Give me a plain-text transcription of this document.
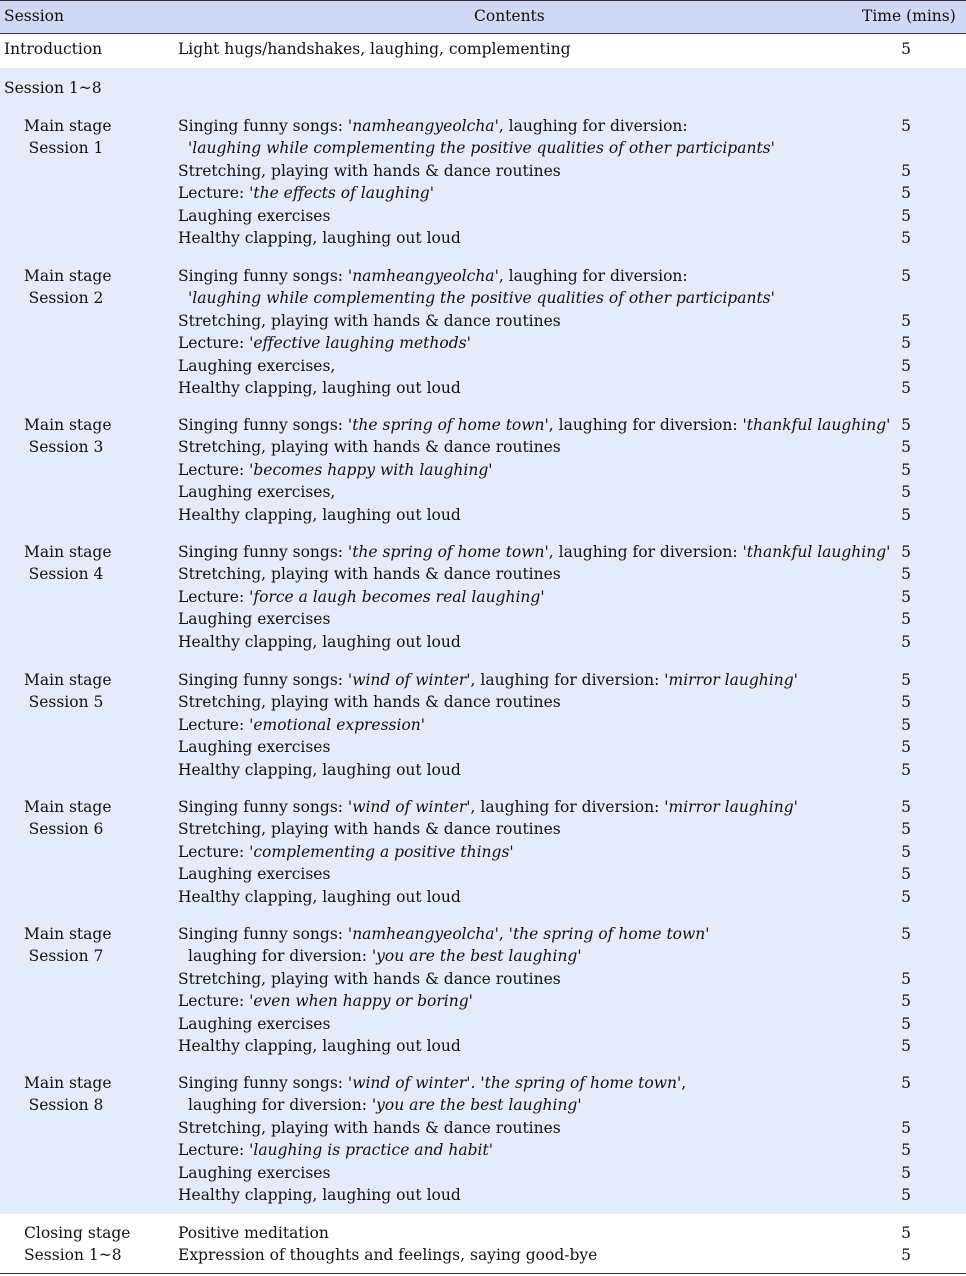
Session	Contents	Time (mins)
Introduction	Light hugs/handshakes, laughing, complementing	5
Session 1~8
Main stage	Singing funny songs: 'namheangyeolcha', laughing for diversion:	5
Session 1	'laughing while complementing the positive qualities of other participants'
Stretching, playing with hands & dance routines	5
Lecture: 'the effects of laughing'	5
Laughing exercises	5
Healthy clapping, laughing out loud	5
Main stage	Singing funny songs: 'namheangyeolcha', laughing for diversion:	5
Session 2	'laughing while complementing the positive qualities of other participants'
Stretching, playing with hands & dance routines	5
Lecture: 'effective laughing methods'	5
Laughing exercises,	5
Healthy clapping, laughing out loud	5
Main stage	Singing funny songs: 'the spring of home town', laughing for diversion: 'thankful laughing' 5
Session 3	Stretching, playing with hands & dance routines	5
Lecture: 'becomes happy with laughing'	5
Laughing exercises,	5
Healthy clapping, laughing out loud	5
Main stage	Singing funny songs: 'the spring of home town', laughing for diversion: 'thankful laughing' 5
Session 4	Stretching, playing with hands & dance routines	5
Lecture: 'force a laugh becomes real laughing'	5
Laughing exercises	5
Healthy clapping, laughing out loud	5
Main stage	Singing funny songs: 'wind of winter', laughing for diversion: 'mirror laughing'	5
Session 5	Stretching, playing with hands & dance routines	5
Lecture: 'emotional expression'	5
Laughing exercises	5
Healthy clapping, laughing out loud	5
Main stage	Singing funny songs: 'wind of winter', laughing for diversion: 'mirror laughing'	5
Session 6	Stretching, playing with hands & dance routines	5
Lecture: 'complementing a positive things'	5
Laughing exercises	5
Healthy clapping, laughing out loud	5
Main stage	Singing funny songs: 'namheangyeolcha', 'the spring of home town'	5
Session 7	laughing for diversion: 'you are the best laughing'
Stretching, playing with hands & dance routines	5
Lecture: 'even when happy or boring'	5
Laughing exercises	5
Healthy clapping, laughing out loud	5
Main stage	Singing funny songs: 'wind of winter'. 'the spring of home town',	5
Session 8	laughing for diversion: 'you are the best laughing'
Stretching, playing with hands & dance routines	5
Lecture: 'laughing is practice and habit'	5
Laughing exercises	5
Healthy clapping, laughing out loud	5
Closing stage	Positive meditation	5
Session 1~8	Expression of thoughts and feelings, saying good-bye	5
